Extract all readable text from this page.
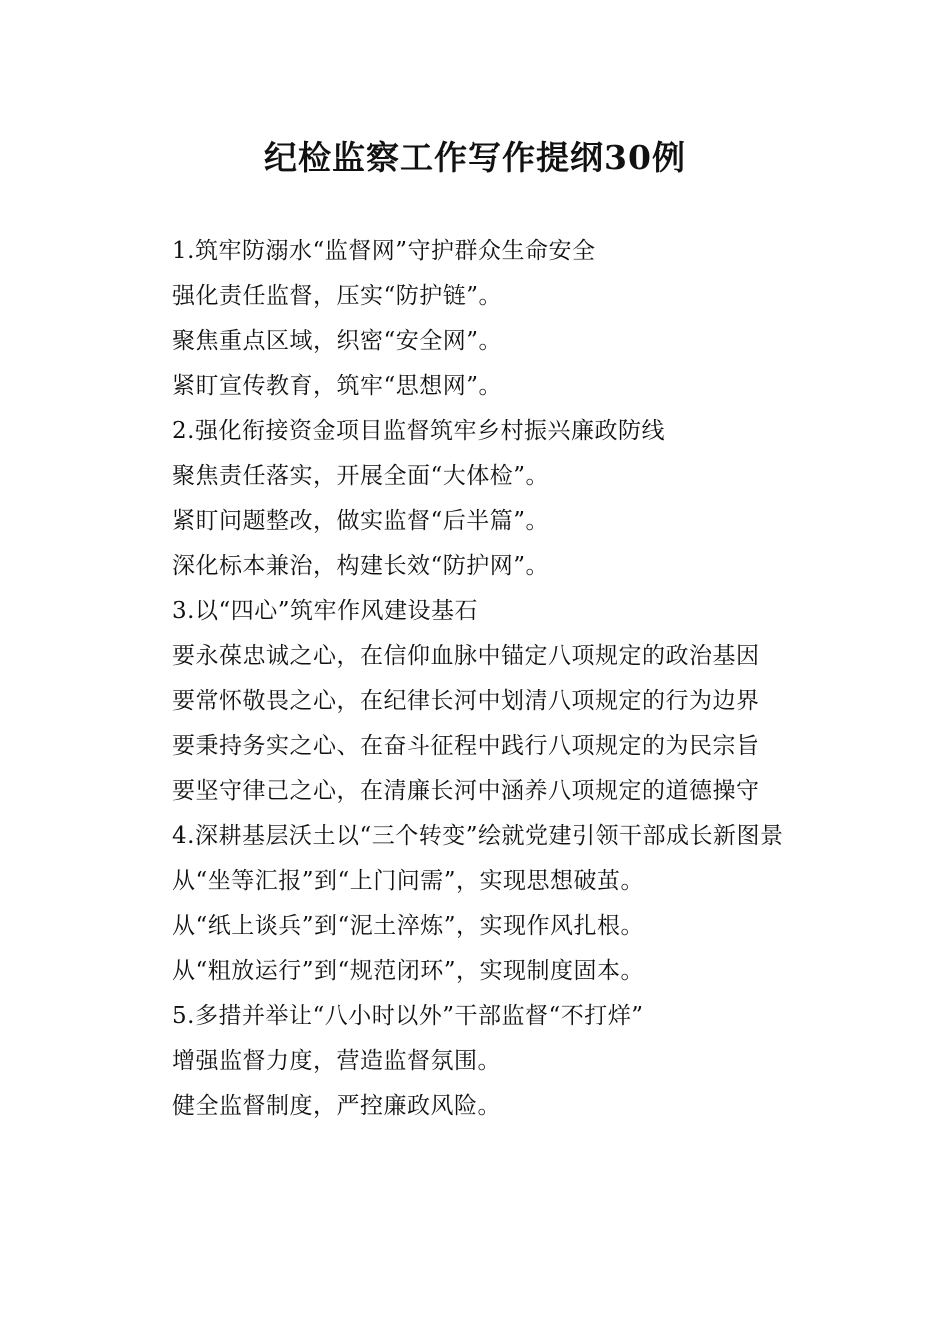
纪检监察工作写作提纲30例

1.筑牢防溺水“监督网”守护群众生命安全

强化责任监督，压实“防护链”。

聚焦重点区域，织密“安全网”。

紧盯宣传教育，筑牢“思想网”。

2.强化衔接资金项目监督筑牢乡村振兴廉政防线

聚焦责任落实，开展全面“大体检”。

紧盯问题整改，做实监督“后半篇”。

深化标本兼治，构建长效“防护网”。

3.以“四心”筑牢作风建设基石

要永葆忠诚之心，在信仰血脉中锚定八项规定的政治基因

要常怀敬畏之心，在纪律长河中划清八项规定的行为边界

要秉持务实之心、在奋斗征程中践行八项规定的为民宗旨

要坚守律己之心，在清廉长河中涵养八项规定的道德操守

4.深耕基层沃土以“三个转变”绘就党建引领干部成长新图景

从“坐等汇报”到“上门问需”，实现思想破茧。

从“纸上谈兵”到“泥土淬炼”，实现作风扎根。

从“粗放运行”到“规范闭环”，实现制度固本。

5.多措并举让“八小时以外”干部监督“不打烊”

增强监督力度，营造监督氛围。

健全监督制度，严控廉政风险。
